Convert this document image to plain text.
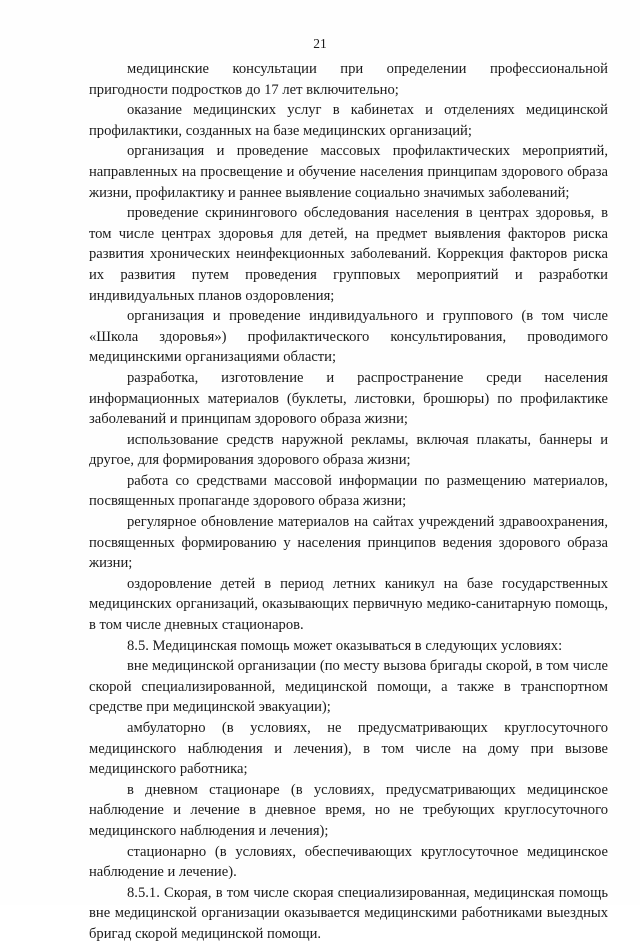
21

медицинские консультации при определении профессиональной пригодности подростков до 17 лет включительно;

оказание медицинских услуг в кабинетах и отделениях медицинской профилактики, созданных на базе медицинских организаций;

организация и проведение массовых профилактических мероприятий, направленных на просвещение и обучение населения принципам здорового образа жизни, профилактику и раннее выявление социально значимых заболеваний;

проведение скринингового обследования населения в центрах здоровья, в том числе центрах здоровья для детей, на предмет выявления факторов риска развития хронических неинфекционных заболеваний. Коррекция факторов риска их развития путем проведения групповых мероприятий и разработки индивидуальных планов оздоровления;

организация и проведение индивидуального и группового (в том числе «Школа здоровья») профилактического консультирования, проводимого медицинскими организациями области;

разработка, изготовление и распространение среди населения информационных материалов (буклеты, листовки, брошюры) по профилактике заболеваний и принципам здорового образа жизни;

использование средств наружной рекламы, включая плакаты, баннеры и другое, для формирования здорового образа жизни;

работа со средствами массовой информации по размещению материалов, посвященных пропаганде здорового образа жизни;

регулярное обновление материалов на сайтах учреждений здравоохранения, посвященных формированию у населения принципов ведения здорового образа жизни;

оздоровление детей в период летних каникул на базе государственных медицинских организаций, оказывающих первичную медико-санитарную помощь, в том числе дневных стационаров.

8.5. Медицинская помощь может оказываться в следующих условиях:

вне медицинской организации (по месту вызова бригады скорой, в том числе скорой специализированной, медицинской помощи, а также в транспортном средстве при медицинской эвакуации);

амбулаторно (в условиях, не предусматривающих круглосуточного медицинского наблюдения и лечения), в том числе на дому при вызове медицинского работника;

в дневном стационаре (в условиях, предусматривающих медицинское наблюдение и лечение в дневное время, но не требующих круглосуточного медицинского наблюдения и лечения);

стационарно (в условиях, обеспечивающих круглосуточное медицинское наблюдение и лечение).

8.5.1. Скорая, в том числе скорая специализированная, медицинская помощь вне медицинской организации оказывается медицинскими работниками выездных бригад скорой медицинской помощи.
